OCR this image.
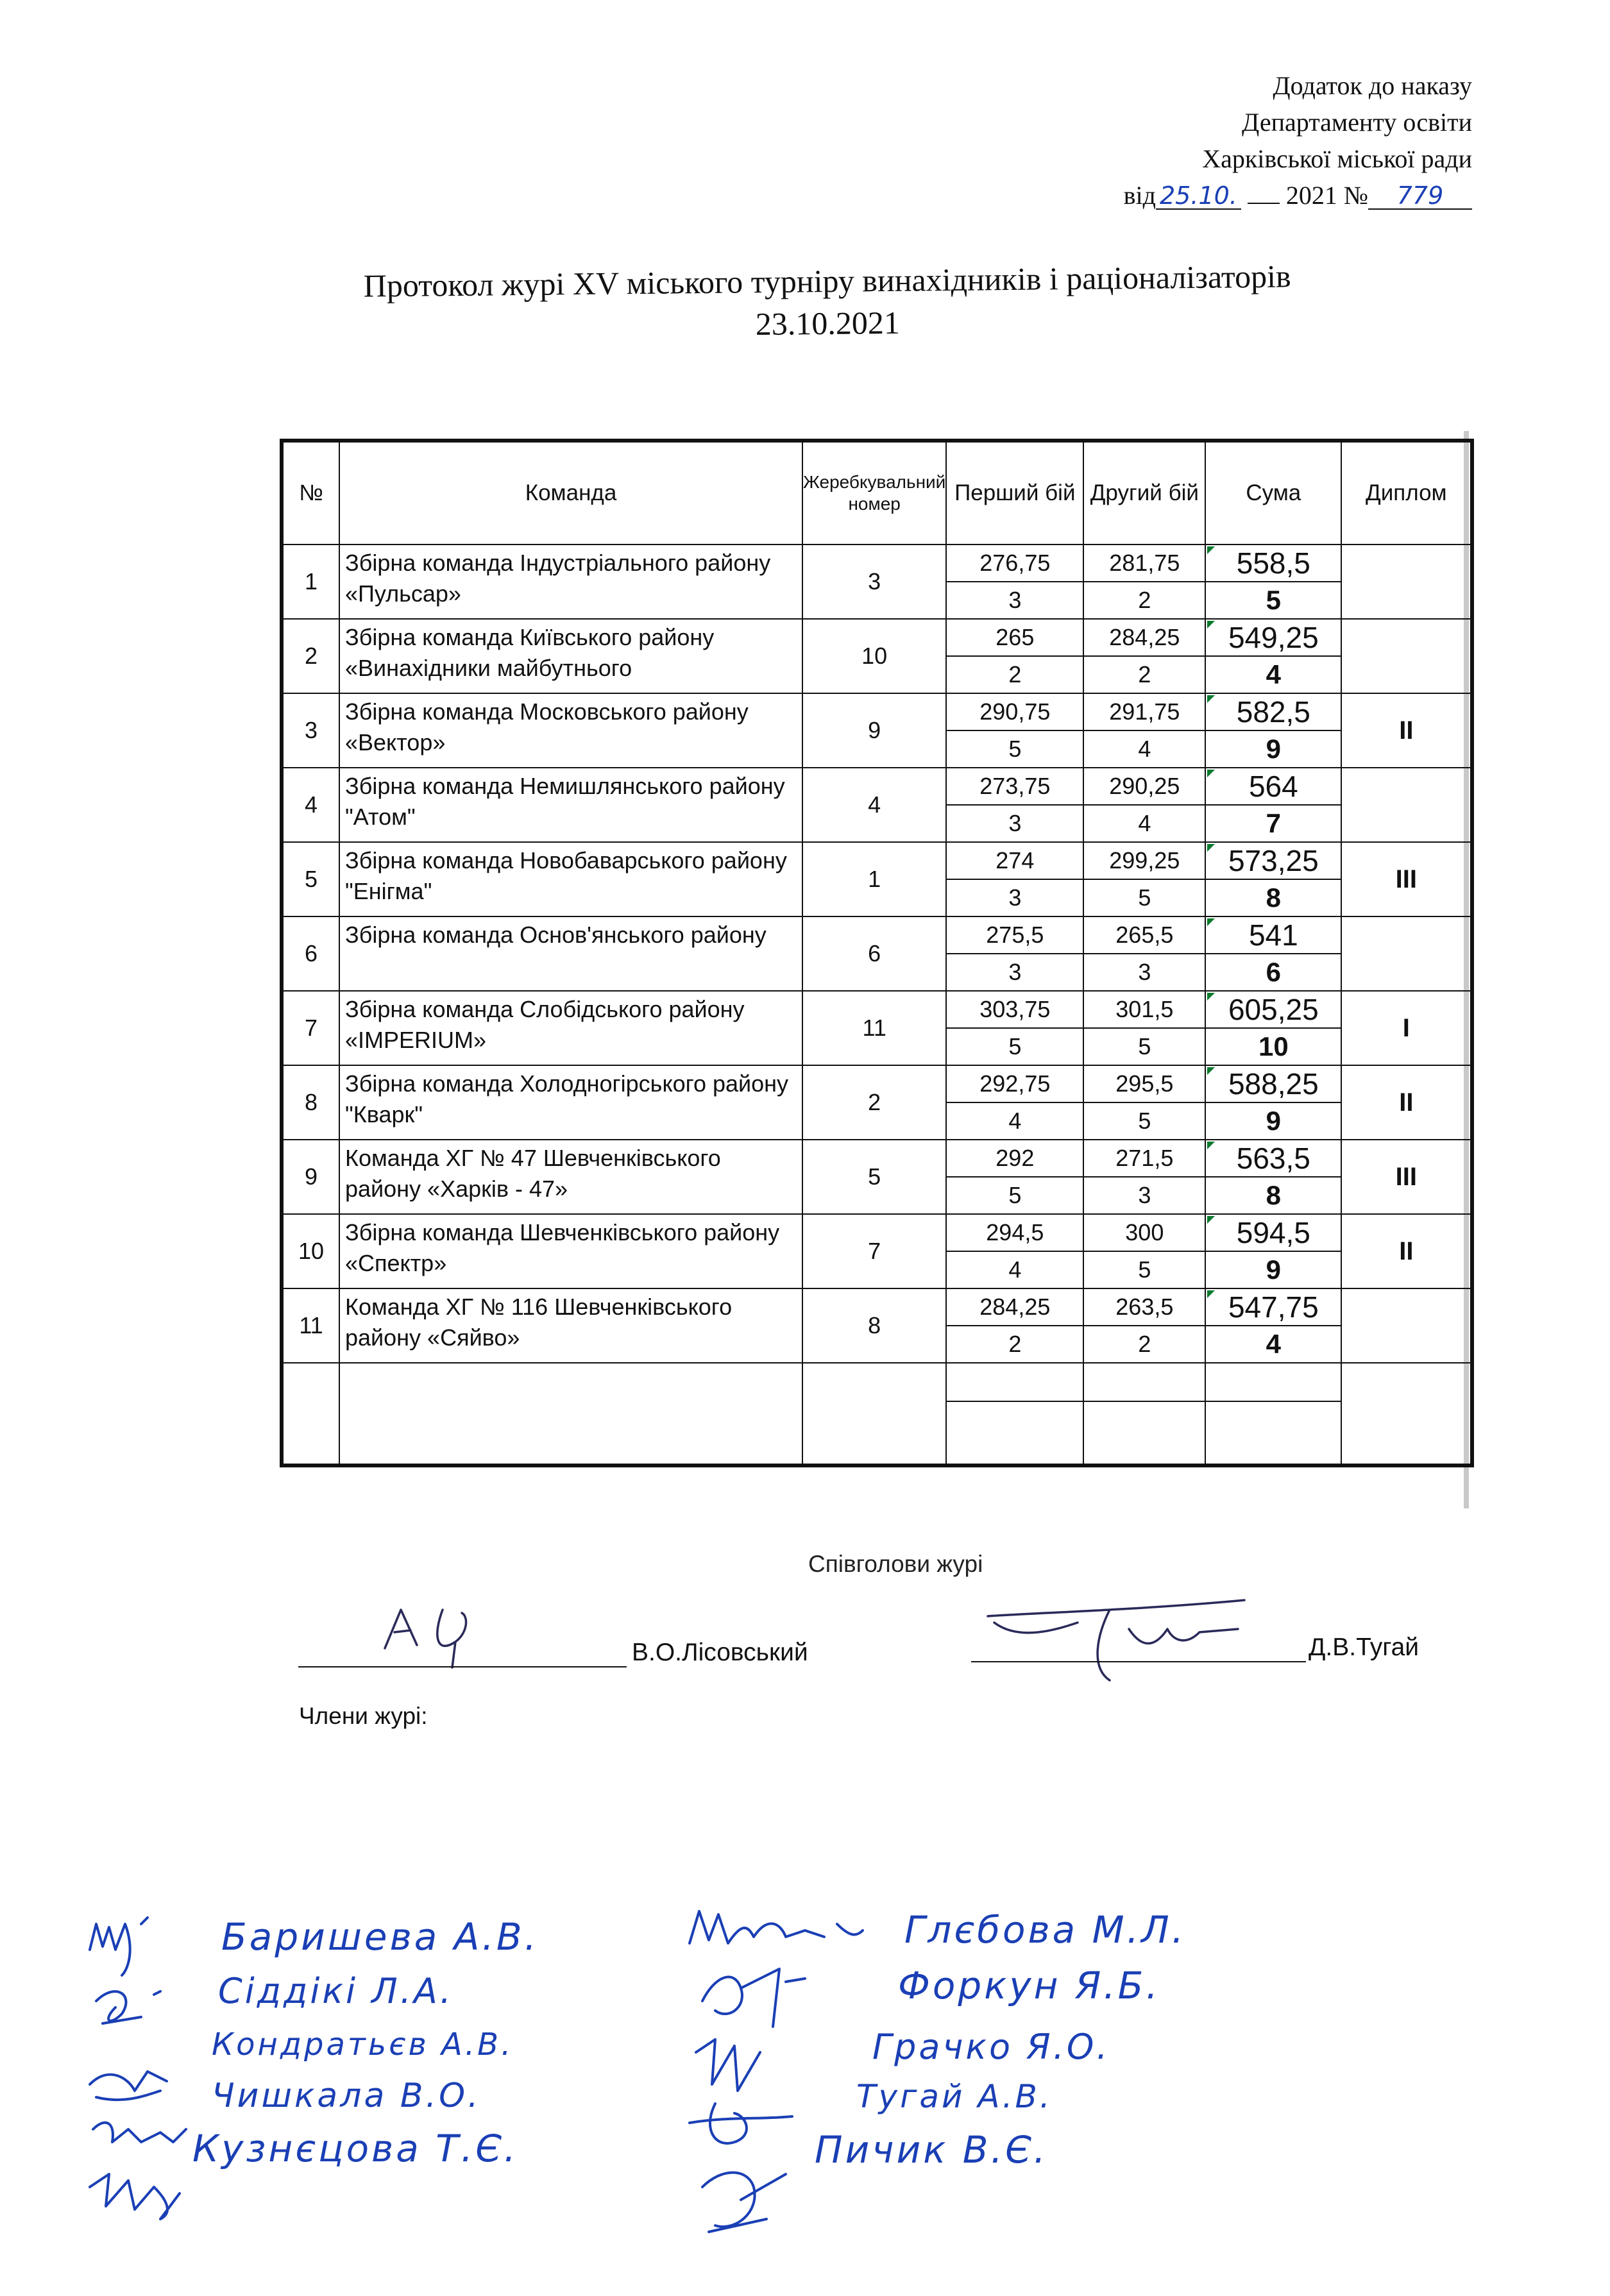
Додаток до наказу
Департаменту освіти
Харківської міської ради
від 25.10. 2021 № 779
Протокол журі XV міського турніру винахідників і раціоналізаторів
23.10.2021
№	Команда	Жеребкувальний номер	Перший бій	Другий бій	Сума	Диплом
1	Збірна команда Індустріального району «Пульсар»	3	276,75	281,75	558,5	
			3	2	5	
2	Збірна команда Київського району «Винахідники майбутнього	10	265	284,25	549,25	
			2	2	4	
3	Збірна команда Московського району «Вектор»	9	290,75	291,75	582,5	ІІ
			5	4	9	
4	Збірна команда Немишлянського району "Атом"	4	273,75	290,25	564	
			3	4	7	
5	Збірна команда Новобаварського району "Енігма"	1	274	299,25	573,25	ІІІ
			3	5	8	
6	Збірна команда Основ'янського району	6	275,5	265,5	541	
			3	3	6	
7	Збірна команда Слобідського району «IMPERIUM»	11	303,75	301,5	605,25	І
			5	5	10	
8	Збірна команда Холодногірського району "Кварк"	2	292,75	295,5	588,25	ІІ
			4	5	9	
9	Команда ХГ № 47 Шевченківського району «Харків - 47»	5	292	271,5	563,5	ІІІ
			5	3	8	
10	Збірна команда Шевченківського району «Спектр»	7	294,5	300	594,5	ІІ
			4	5	9	
11	Команда ХГ № 116 Шевченківського району «Сяйво»	8	284,25	263,5	547,75	
			2	2	4	

Співголови журі
В.О.Лісовський	Д.В.Тугай
Члени журі:
Баришева А.В.
Сіддікі Л.А.
Кондратьєв А.В.
Чишкала В.О.
Кузнєцова Т.Є.
Глєбова М.Л.
Форкун Я.Б.
Грачко Я.О.
Тугай А.В.
Пичик В.Є.
